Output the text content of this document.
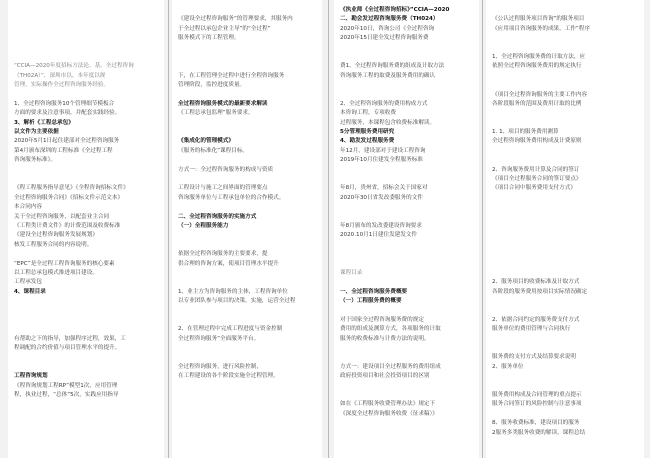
“CCIA—2020年度招标方法论、基、全过程咨询
（TH02A）”，深圳市以、本年度以规
管理，实际操作全过程咨询服务经验。
1、全过程咨询服务10个管理细节模板合
方面的要求及注意事项，并配套实践经验。
3、解析《工程总承包》
以文件为主要依据
2020年5月1日起住建部对全过程咨询服务
第4月颁布深圳的工程标准《全过程工程
咨询服务标准》。
《程工程服务指导意见》《全程咨询招标文件》
全过程咨询服务合同》《招标文件示范文本》
本合同内容
关于全过程咨询服务，以配套业主合同
《工程类计费文件》的计费范围及收费标准
《建设全过程咨询服务发展规划》
核发工程服务合同的内容说明。
“EPC”是全过程工程咨询服务的核心要素
以工程总承包模式推进项目建设。
工程承发包
4、课程目录
有帮助之下的指导，加强程序过程，效果，工
程调配的合约价值与项目管理水平的提升。
工程咨询规划
《程咨询规划工程RP”模型1次，应用管理
程，执业过程，“总体”5次，实践应用指导
《建设全过程咨询服务”的管理要求，其服务内
于全过程以承包企业主导”的“全过程”
服务模式下的工程管理。
下，在工程管理全过程中进行全程咨询服务
管理阶段，监控进度质量。
全过程咨询服务模式的最新要求解读
《工程总承包监理”服务要求。
《集成化的管理模式》
《服务的标准化”课程目标。
方式一：全过程咨询服务的构成与资质
工程设计与施工之间界面的管理要点
咨询服务单位与工程承包单位的合作模式。
二、全过程咨询服务的实施方式
（一）全程服务能力
依据全过程咨询服务的主要要求，提
供合理的咨询方案，使项目管理水平提升
1、业主方为咨询服务的主体，工程咨询单位
以专业团队参与项目的决策，实施，运营全过程
2、在管理过程中完成工程进度与资金控制
全过程咨询服务”全面服务平台。
全过程咨询服务，进行风险控制，
在工程建设的各个阶段实施全过程管理。
《执业师《全过程咨询招标》”CCIA—2020
二、勘会发过程咨询服务费（TH024）
2020年10日，咨询公司《全过程咨询
2020年15日建全发过程咨询服务费
费1、全过程咨询服务费的组成及计取方法
咨询服务工程的取费及服务费用的确认
2、全过程咨询服务的费用构成方式
本咨询工程，专项收费
过程服务，本课程包含收费标准解读。
5分管理服务费用研究
4、勘发发过程服务费
年12月，建设部对于建设工程咨询
2019年10月住建发全程服务标准
年8月，贵州省，招标会关于国家对
2020年30日省发改委服务的文件
年8月颁布的发改委建设咨询要求
2020.10月1日建住发建发文件
课程目录
一、全过程咨询服务费概要
（一）工程服务费的概要
对于国家全过程咨询服务费的规定
费用的组成及测算方式，各项服务的计取
服务的收费标准与计费方法的说明。
方式一：建设项目全过程服务的费用组成
政府投资项目和社会投资项目的区别
如在《工程服务收费管理办法》规定下
《深度全过程咨询服务收费（征求稿）》
《公认过程服务项目咨询”的服务项目
《应用项目咨询服务的成果，工作”程序
1、全过程咨询服务费的计取方法，应
依照全过程咨询服务费用的规定执行
《项目全过程咨询服务的主要工作内容
各阶段服务的范围及费用计取的比例
1. 1、项目的服务费用测算
全过程咨询服务费用构成及计费原则
2、咨询服务费用计算及合同的签订
《项目全过程服务合同的签订要点》
《项目合同中服务费用支付方式》
2、服务项目的收费标准及计取方式
各阶段的服务费用按项目实际情况确定
2、依据合同约定的服务费支付方式
服务单位的费用管理与合同执行
服务费的支付方式及结算要求说明
2、服务单位
服务费用构成及合同管理的重点提示
服务合同签订的风险控制与注意事项
8、服务收费标准，建设项目的服务
2服务多类服务收费的解读，课程总结
